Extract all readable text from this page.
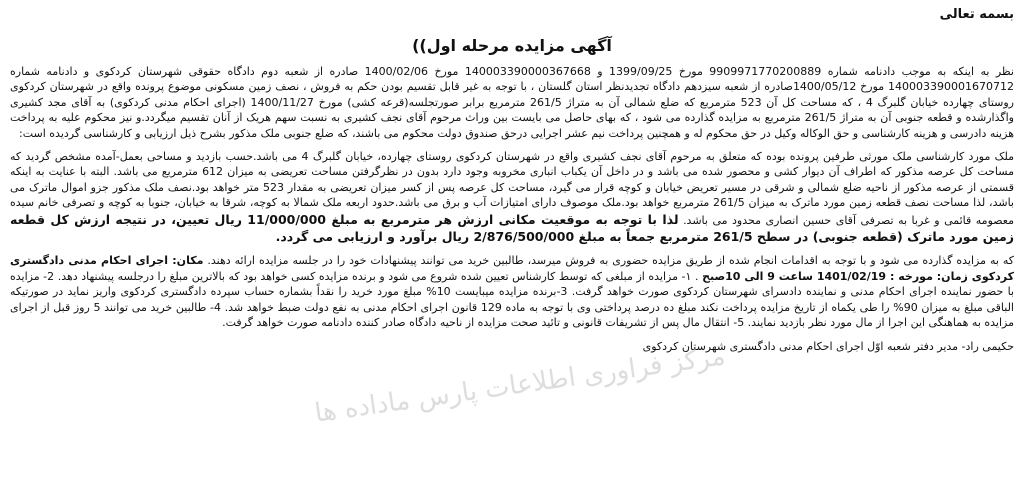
بسمه تعالی
آگهی مزایده مرحله اول))

نظر به اینکه به موجب دادنامه شماره 9909971770200889 مورخ 1399/09/25 و 140003390000367668 مورخ 1400/02/06 صادره از شعبه دوم دادگاه حقوقی شهرستان کردکوی و دادنامه شماره 140003390001670712 مورخ 1400/05/12صادره از شعبه سیزدهم دادگاه تجدیدنظر استان گلستان ، با توجه به غیر قابل تقسیم بودن حکم به فروش ، نصف زمین مسکونی موضوع پرونده واقع در شهرستان کردکوی روستای چهارده خیابان گلبرگ 4 ، که مساحت کل آن 523 مترمربع که ضلع شمالی آن به متراژ 261/5 مترمربع برابر صورتجلسه(قرعه کشی) مورخ 1400/11/27 (اجرای احکام مدنی کردکوی) به آقای مجد کشیری واگذارشده و قطعه جنوبی آن به متراژ 261/5 مترمربع به مزایده گذارده می شود ، که بهای حاصل می بایست بین وراث مرحوم آقای نجف کشیری به نسبت سهم هریک از آنان تقسیم میگردد.و نیز محکوم علیه به پرداخت هزینه دادرسی و هزینه کارشناسی و حق الوکاله وکیل در حق محکوم له و همچنین پرداخت نیم عشر اجرایی درحق صندوق دولت محکوم می باشند، که ضلع جنوبی ملک مذکور بشرح ذیل ارزیابی و کارشناسی گردیده است:

ملک مورد کارشناسی ملک مورثی طرفین پرونده بوده که متعلق به مرحوم آقای نجف کشیری واقع در شهرستان کردکوی روستای چهارده، خیابان گلبرگ 4 می باشد.حسب بازدید و مساحی بعمل-آمده مشخص گردید که مساحت کل عرصه مذکور که اطراف آن دیوار کشی و محصور شده می باشد و در داخل آن یکباب انباری مخروبه وجود دارد بدون در نظرگرفتن مساحت تعریضی به میزان 612 مترمربع می باشد. البته با عنایت به اینکه قسمتی از عرصه مذکور از ناحیه ضلع شمالی و شرقی در مسیر تعریض خیابان و کوچه قرار می گیرد، مساحت کل عرصه پس از کسر میزان تعریضی به مقدار 523 متر خواهد بود.نصف ملک مذکور جزو اموال ماترک می باشد، لذا مساحت نصف قطعه زمین مورد ماترک به میزان 261/5 مترمربع خواهد بود.ملک موصوف دارای امتیازات آب و برق می باشد.حدود اربعه ملک شمالا به کوچه، شرقا به خیابان، جنوبا به کوچه و تصرفی خانم سیده معصومه قائمی و غربا به تصرفی آقای حسین انصاری محدود می باشد. لذا با توجه به موقعیت مکانی ارزش هر مترمربع به مبلغ 11/000/000 ریال تعیین، در نتیجه ارزش کل قطعه زمین مورد ماترک (قطعه جنوبی) در سطح 261/5 مترمربع جمعاً به مبلغ 2/876/500/000 ریال برآورد و ارزیابی می گردد.

که به مزایده گذارده می شود و با توجه به اقدامات انجام شده از طریق مزایده حضوری به فروش میرسد، طالبین خرید می توانند پیشنهادات خود را در جلسه مزایده ارائه دهند. مکان: اجرای احکام مدنی دادگستری کردکوی زمان: مورخه : 1401/02/19 ساعت 9 الی 10صبح . ۱- مزایده از مبلغی که توسط کارشناس تعیین شده شروع می شود و برنده مزایده کسی خواهد بود که بالاترین مبلغ را درجلسه پیشنهاد دهد. 2- مزایده با حضور نماینده اجرای احکام مدنی و نماینده دادسرای شهرستان کردکوی صورت خواهد گرفت. 3-برنده مزایده میبایست 10% مبلغ مورد خرید را نقداً بشماره حساب سپرده دادگستری کردکوی واریز نماید در صورتیکه الباقی مبلغ به میزان 90% را طی یکماه از تاریخ مزایده پرداخت نکند مبلغ ده درصد پرداختی وی با توجه به ماده 129 قانون اجرای احکام مدنی به نفع دولت ضبط خواهد شد. 4- طالبین خرید می توانند 5 روز قبل از اجرای مزایده به هماهنگی این اجرا از مال مورد نظر بازدید نمایند. 5- انتقال مال پس از تشریفات قانونی و تائید صحت مزایده از ناحیه دادگاه صادر کننده دادنامه صورت خواهد گرفت.

حکیمی راد- مدیر دفتر شعبه اوّل اجرای احکام مدنی دادگستری شهرستان کردکوی
مرکز فراوری اطلاعات پارس ماداده ها
